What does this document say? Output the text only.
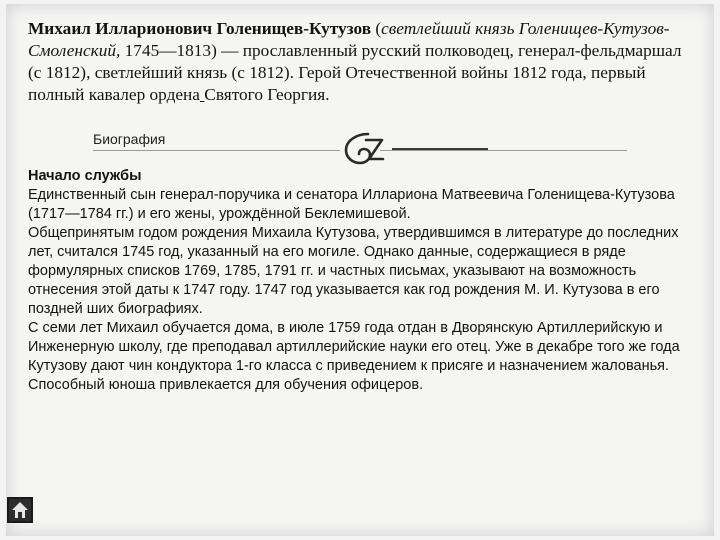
Михаил Илларионович Голенищев-Кутузов (светлейший князь Голенищев-Кутузов-Смоленский, 1745—1813) — прославленный русский полководец, генерал-фельдмаршал (с 1812), светлейший князь (с 1812). Герой Отечественной войны 1812 года, первый полный кавалер ордена Святого Георгия.

Биография
Начало службы

Единственный сын генерал-поручика и сенатора Иллариона Матвеевича Голенищева-Кутузова (1717—1784 гг.) и его жены, урождённой Беклемишевой.

Общепринятым годом рождения Михаила Кутузова, утвердившимся в литературе до последних лет, считался 1745 год, указанный на его могиле. Однако данные, содержащиеся в ряде формулярных списков 1769, 1785, 1791 гг. и частных письмах, указывают на возможность отнесения этой даты к 1747 году. 1747 год указывается как год рождения М. И. Кутузова в его поздней ших биографиях.

С семи лет Михаил обучается дома, в июле 1759 года отдан в Дворянскую Артиллерийскую и Инженерную школу, где преподавал артиллерийские науки его отец. Уже в декабре того же года Кутузову дают чин кондуктора 1-го класса с приведением к присяге и назначением жалованья. Способный юноша привлекается для обучения офицеров.
